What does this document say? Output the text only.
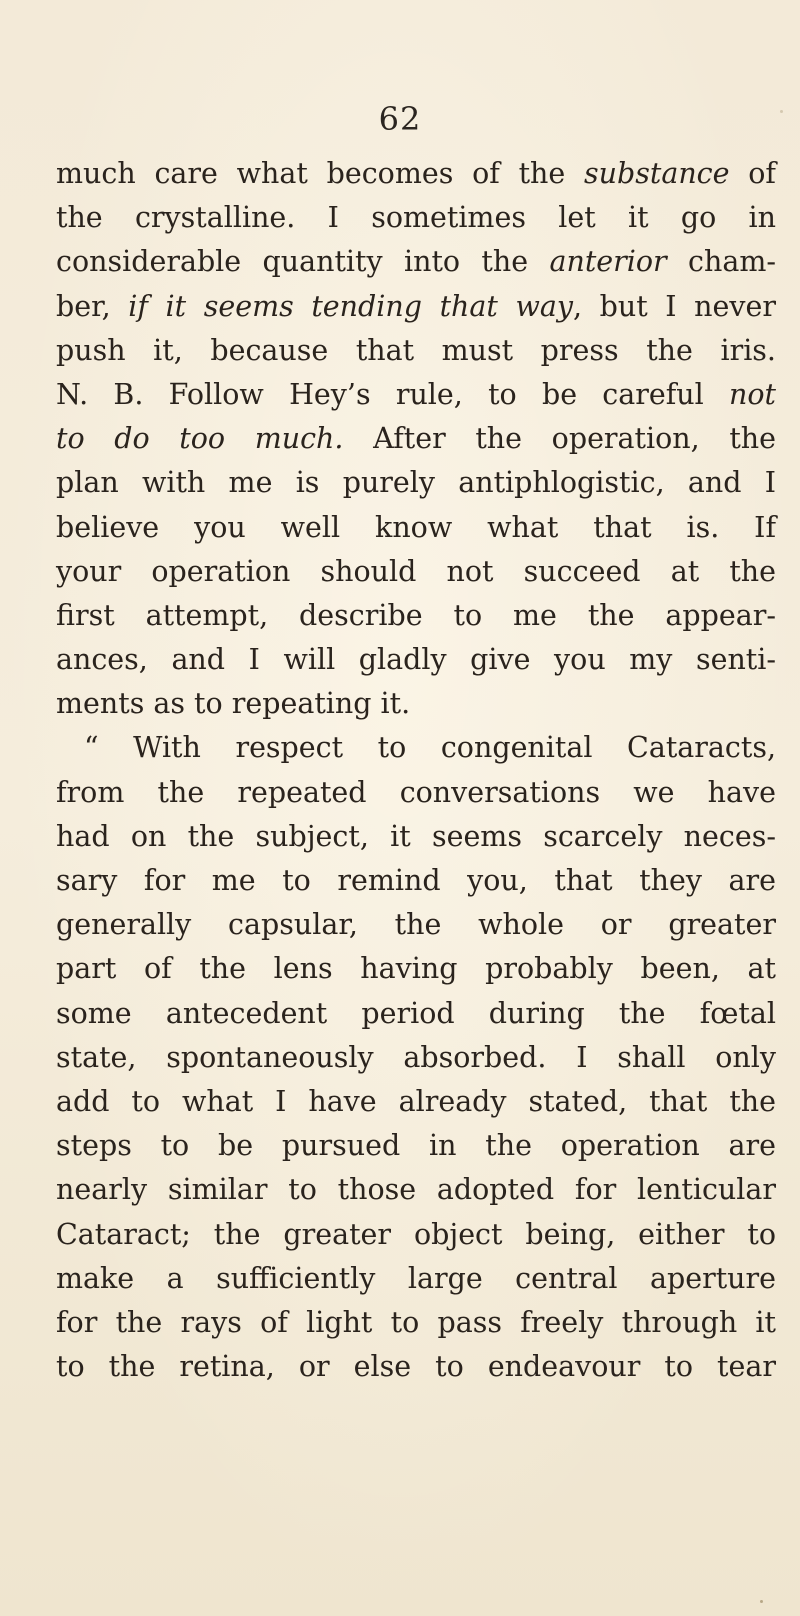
62
much care what becomes of the substance of
the crystalline. I sometimes let it go in
considerable quantity into the anterior cham-
ber, if it seems tending that way, but I never
push it, because that must press the iris.
N. B. Follow Hey’s rule, to be careful not
to do too much. After the operation, the
plan with me is purely antiphlogistic, and I
believe you well know what that is. If
your operation should not succeed at the
first attempt, describe to me the appear-
ances, and I will gladly give you my senti-
ments as to repeating it.
“ With respect to congenital Cataracts,
from the repeated conversations we have
had on the subject, it seems scarcely neces-
sary for me to remind you, that they are
generally capsular, the whole or greater
part of the lens having probably been, at
some antecedent period during the fœtal
state, spontaneously absorbed. I shall only
add to what I have already stated, that the
steps to be pursued in the operation are
nearly similar to those adopted for lenticular
Cataract; the greater object being, either to
make a sufficiently large central aperture
for the rays of light to pass freely through it
to the retina, or else to endeavour to tear
